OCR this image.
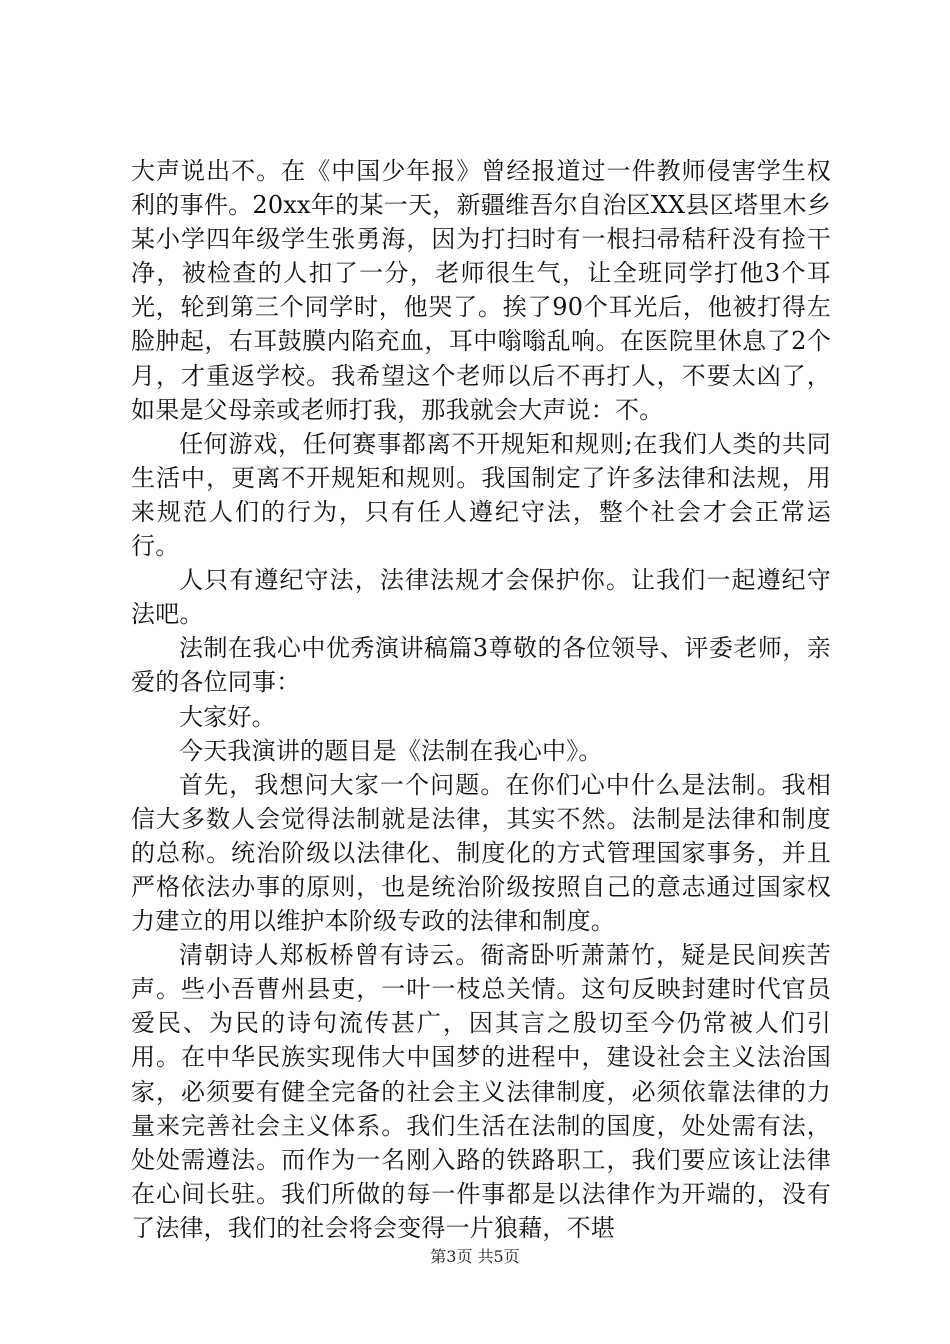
大声说出不。在《中国少年报》曾经报道过一件教师侵害学生权利的事件。20xx年的某一天，新疆维吾尔自治区XX县区塔里木乡某小学四年级学生张勇海，因为打扫时有一根扫帚秸秆没有捡干净，被检查的人扣了一分，老师很生气，让全班同学打他3个耳光，轮到第三个同学时，他哭了。挨了90个耳光后，他被打得左脸肿起，右耳鼓膜内陷充血，耳中嗡嗡乱响。在医院里休息了2个月，才重返学校。我希望这个老师以后不再打人，不要太凶了，如果是父母亲或老师打我，那我就会大声说：不。

任何游戏，任何赛事都离不开规矩和规则;在我们人类的共同生活中，更离不开规矩和规则。我国制定了许多法律和法规，用来规范人们的行为，只有任人遵纪守法，整个社会才会正常运行。

人只有遵纪守法，法律法规才会保护你。让我们一起遵纪守法吧。

法制在我心中优秀演讲稿篇3尊敬的各位领导、评委老师，亲爱的各位同事：

大家好。

今天我演讲的题目是《法制在我心中》。

首先，我想问大家一个问题。在你们心中什么是法制。我相信大多数人会觉得法制就是法律，其实不然。法制是法律和制度的总称。统治阶级以法律化、制度化的方式管理国家事务，并且严格依法办事的原则，也是统治阶级按照自己的意志通过国家权力建立的用以维护本阶级专政的法律和制度。

清朝诗人郑板桥曾有诗云。衙斋卧听萧萧竹，疑是民间疾苦声。些小吾曹州县吏，一叶一枝总关情。这句反映封建时代官员爱民、为民的诗句流传甚广，因其言之殷切至今仍常被人们引用。在中华民族实现伟大中国梦的进程中，建设社会主义法治国家，必须要有健全完备的社会主义法律制度，必须依靠法律的力量来完善社会主义体系。我们生活在法制的国度，处处需有法，处处需遵法。而作为一名刚入路的铁路职工，我们要应该让法律在心间长驻。我们所做的每一件事都是以法律作为开端的，没有了法律，我们的社会将会变得一片狼藉，不堪

第3页 共5页
